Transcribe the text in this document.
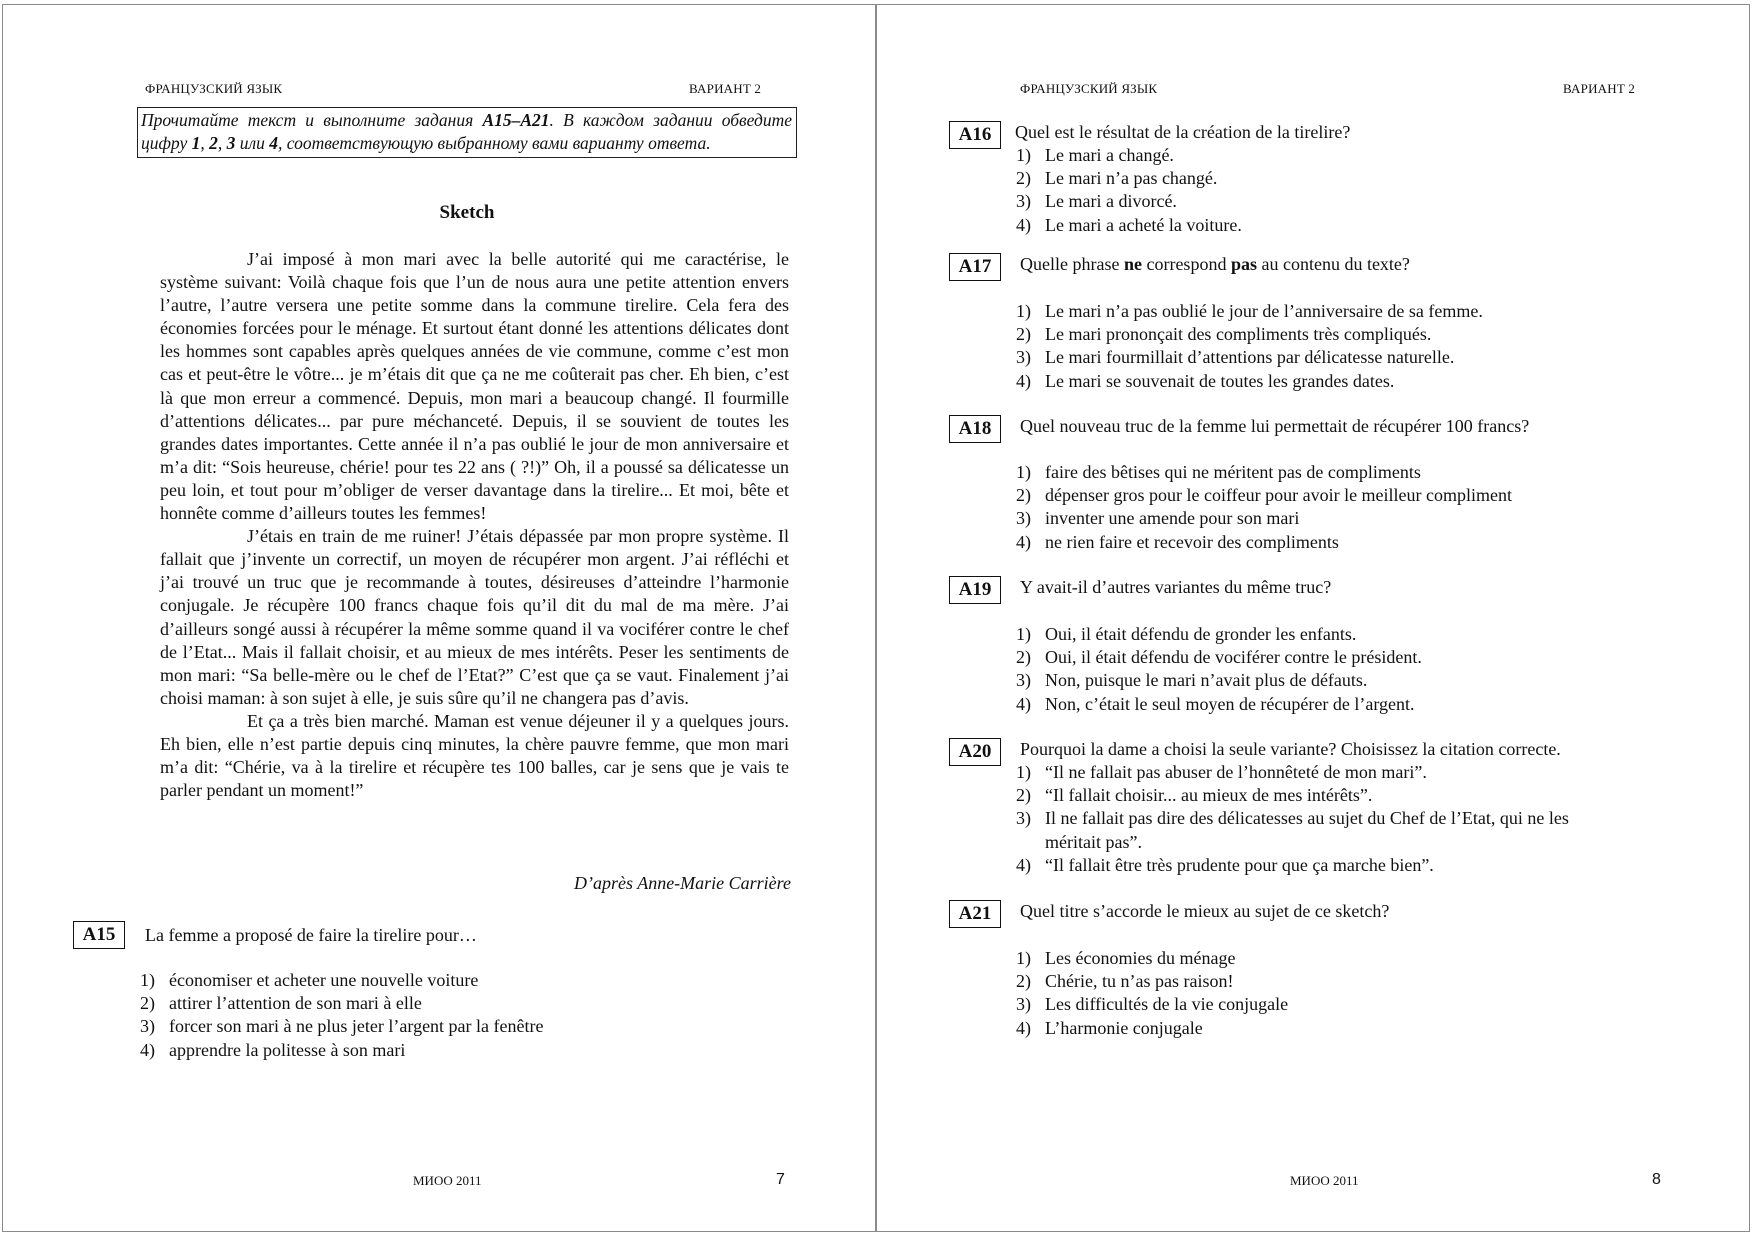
ФРАНЦУЗСКИЙ ЯЗЫК	ВАРИАНТ 2
Прочитайте текст и выполните задания A15–A21. В каждом задании обведите цифру 1, 2, 3 или 4, соответствующую выбранному вами варианту ответа.
Sketch

J’ai imposé à mon mari avec la belle autorité qui me caractérise, le système suivant: Voilà chaque fois que l’un de nous aura une petite attention envers l’autre, l’autre versera une petite somme dans la commune tirelire. Cela fera des économies forcées pour le ménage. Et surtout étant donné les attentions délicates dont les hommes sont capables après quelques années de vie commune, comme c’est mon cas et peut-être le vôtre... je m’étais dit que ça ne me coûterait pas cher. Eh bien, c’est là que mon erreur a commencé. Depuis, mon mari a beaucoup changé. Il fourmille d’attentions délicates... par pure méchanceté. Depuis, il se souvient de toutes les grandes dates importantes. Cette année il n’a pas oublié le jour de mon anniversaire et m’a dit: “Sois heureuse, chérie! pour tes 22 ans ( ?!)” Oh, il a poussé sa délicatesse un peu loin, et tout pour m’obliger de verser davantage dans la tirelire... Et moi, bête et honnête comme d’ailleurs toutes les femmes!

J’étais en train de me ruiner! J’étais dépassée par mon propre système. Il fallait que j’invente un correctif, un moyen de récupérer mon argent. J’ai réfléchi et j’ai trouvé un truc que je recommande à toutes, désireuses d’atteindre l’harmonie conjugale. Je récupère 100 francs chaque fois qu’il dit du mal de ma mère. J’ai d’ailleurs songé aussi à récupérer la même somme quand il va vociférer contre le chef de l’Etat... Mais il fallait choisir, et au mieux de mes intérêts. Peser les sentiments de mon mari: “Sa belle-mère ou le chef de l’Etat?” C’est que ça se vaut. Finalement j’ai choisi maman: à son sujet à elle, je suis sûre qu’il ne changera pas d’avis.

Et ça a très bien marché. Maman est venue déjeuner il y a quelques jours. Eh bien, elle n’est partie depuis cinq minutes, la chère pauvre femme, que mon mari m’a dit: “Chérie, va à la tirelire et récupère tes 100 balles, car je sens que je vais te parler pendant un moment!”

D’après Anne-Marie Carrière
A15	La femme a proposé de faire la tirelire pour…
1) économiser et acheter une nouvelle voiture
2) attirer l’attention de son mari à elle
3) forcer son mari à ne plus jeter l’argent par la fenêtre
4) apprendre la politesse à son mari
МИОО 2011	7
ФРАНЦУЗСКИЙ ЯЗЫК	ВАРИАНТ 2
A16	Quel est le résultat de la création de la tirelire?
1) Le mari a changé.
2) Le mari n’a pas changé.
3) Le mari a divorcé.
4) Le mari a acheté la voiture.
A17	Quelle phrase ne correspond pas au contenu du texte?
1) Le mari n’a pas oublié le jour de l’anniversaire de sa femme.
2) Le mari prononçait des compliments très compliqués.
3) Le mari fourmillait d’attentions par délicatesse naturelle.
4) Le mari se souvenait de toutes les grandes dates.
A18	Quel nouveau truc de la femme lui permettait de récupérer 100 francs?
1) faire des bêtises qui ne méritent pas de compliments
2) dépenser gros pour le coiffeur pour avoir le meilleur compliment
3) inventer une amende pour son mari
4) ne rien faire et recevoir des compliments
A19	Y avait-il d’autres variantes du même truc?
1) Oui, il était défendu de gronder les enfants.
2) Oui, il était défendu de vociférer contre le président.
3) Non, puisque le mari n’avait plus de défauts.
4) Non, c’était le seul moyen de récupérer de l’argent.
A20	Pourquoi la dame a choisi la seule variante? Choisissez la citation correcte.
1) “Il ne fallait pas abuser de l’honnêteté de mon mari”.
2) “Il fallait choisir... au mieux de mes intérêts”.
3) Il ne fallait pas dire des délicatesses au sujet du Chef de l’Etat, qui ne les méritait pas”.
4) “Il fallait être très prudente pour que ça marche bien”.
A21	Quel titre s’accorde le mieux au sujet de ce sketch?
1) Les économies du ménage
2) Chérie, tu n’as pas raison!
3) Les difficultés de la vie conjugale
4) L’harmonie conjugale
МИОО 2011	8
